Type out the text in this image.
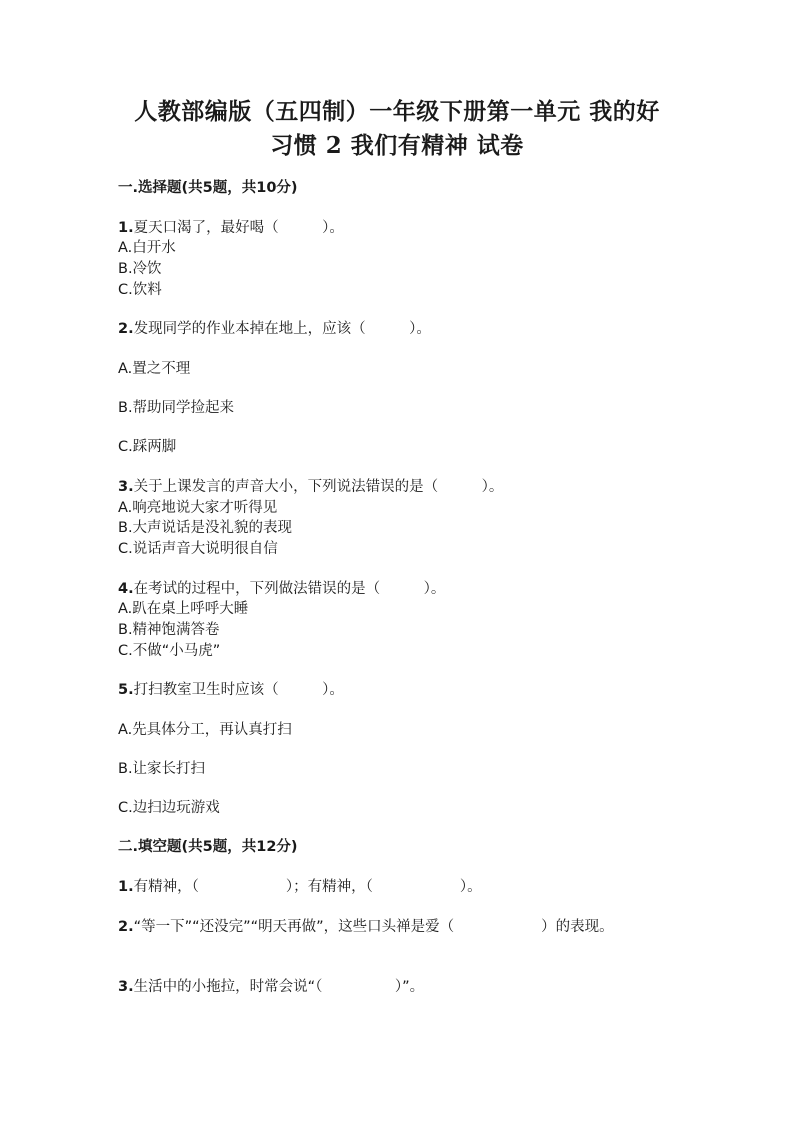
人教部编版（五四制）一年级下册第一单元 我的好
习惯 2 我们有精神 试卷
一.选择题(共5题，共10分)
1.夏天口渴了，最好喝（　　　）。
A.白开水
B.冷饮
C.饮料
2.发现同学的作业本掉在地上，应该（　　　）。
A.置之不理
B.帮助同学捡起来
C.踩两脚
3.关于上课发言的声音大小，下列说法错误的是（　　　）。
A.响亮地说大家才听得见
B.大声说话是没礼貌的表现
C.说话声音大说明很自信
4.在考试的过程中，下列做法错误的是（　　　）。
A.趴在桌上呼呼大睡
B.精神饱满答卷
C.不做“小马虎”
5.打扫教室卫生时应该（　　　）。
A.先具体分工，再认真打扫
B.让家长打扫
C.边扫边玩游戏
二.填空题(共5题，共12分)
1.有精神，（　　　　　　）；有精神，（　　　　　　）。
2.“等一下”“还没完”“明天再做”，这些口头禅是爱（　　　　　　）的表现。
3.生活中的小拖拉，时常会说“（　　　　　）”。
